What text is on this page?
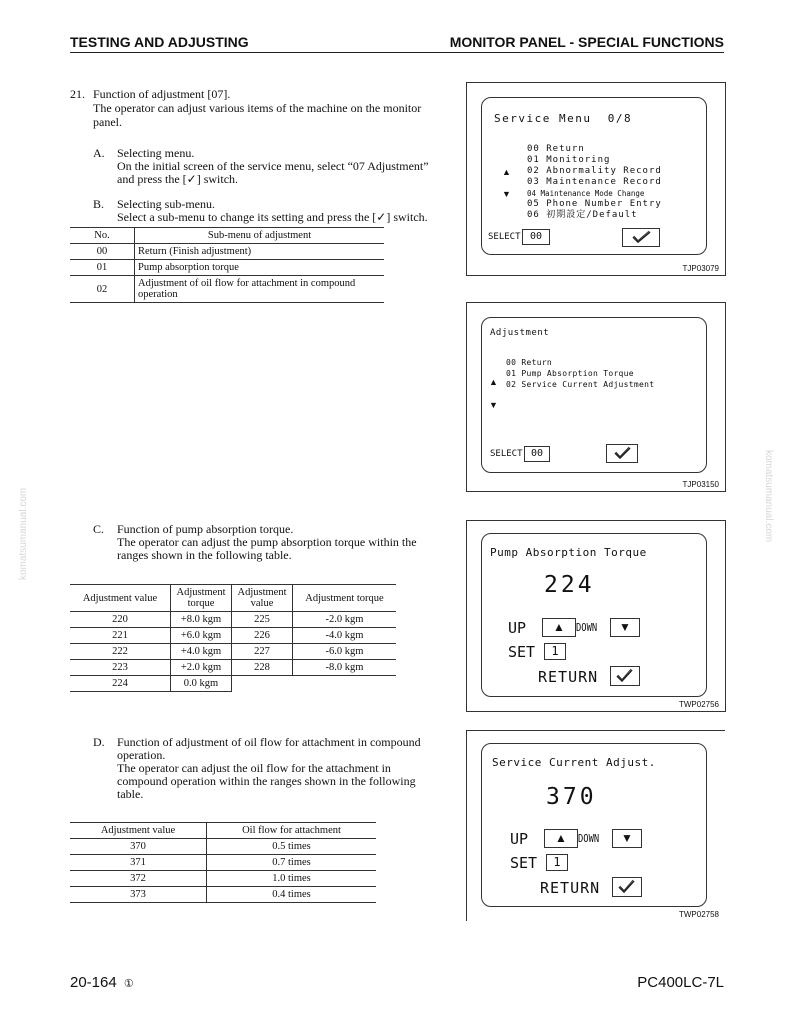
TESTING AND ADJUSTING	MONITOR PANEL - SPECIAL FUNCTIONS
21. Function of adjustment [07].
The operator can adjust various items of the machine on the monitor
panel.
A. Selecting menu.
On the initial screen of the service menu, select “07 Adjustment”
and press the [✓] switch.
B. Selecting sub-menu.
Select a sub-menu to change its setting and press the [✓] switch.
No.	Sub-menu of adjustment
00	Return (Finish adjustment)
01	Pump absorption torque
02	Adjustment of oil flow for attachment in compound operation
Service Menu  0/8
00 Return
01 Monitoring
02 Abnormality Record
03 Maintenance Record
04 Maintenance Mode Change
05 Phone Number Entry
06 初期設定/Default
▲
▼
SELECT 00
TJP03079
Adjustment
00 Return
01 Pump Absorption Torque
02 Service Current Adjustment
▲
▼
SELECT 00
TJP03150
C. Function of pump absorption torque.
The operator can adjust the pump absorption torque within the
ranges shown in the following table.
Adjustment value	Adjustment torque	Adjustment value	Adjustment torque
220	+8.0 kgm	225	-2.0 kgm
221	+6.0 kgm	226	-4.0 kgm
222	+4.0 kgm	227	-6.0 kgm
223	+2.0 kgm	228	-8.0 kgm
224	0.0 kgm		
Pump Absorption Torque
224
UP	▲	DOWN	▼
SET	1
RETURN
TWP02756
D. Function of adjustment of oil flow for attachment in compound
operation.
The operator can adjust the oil flow for the attachment in
compound operation within the ranges shown in the following
table.
Adjustment value	Oil flow for attachment
370	0.5 times
371	0.7 times
372	1.0 times
373	0.4 times
Service Current Adjust.
370
UP	▲	DOWN	▼
SET	1
RETURN
TWP02758
komatsumanual.com	komatsumanual.com
20-164 ①	PC400LC-7L
